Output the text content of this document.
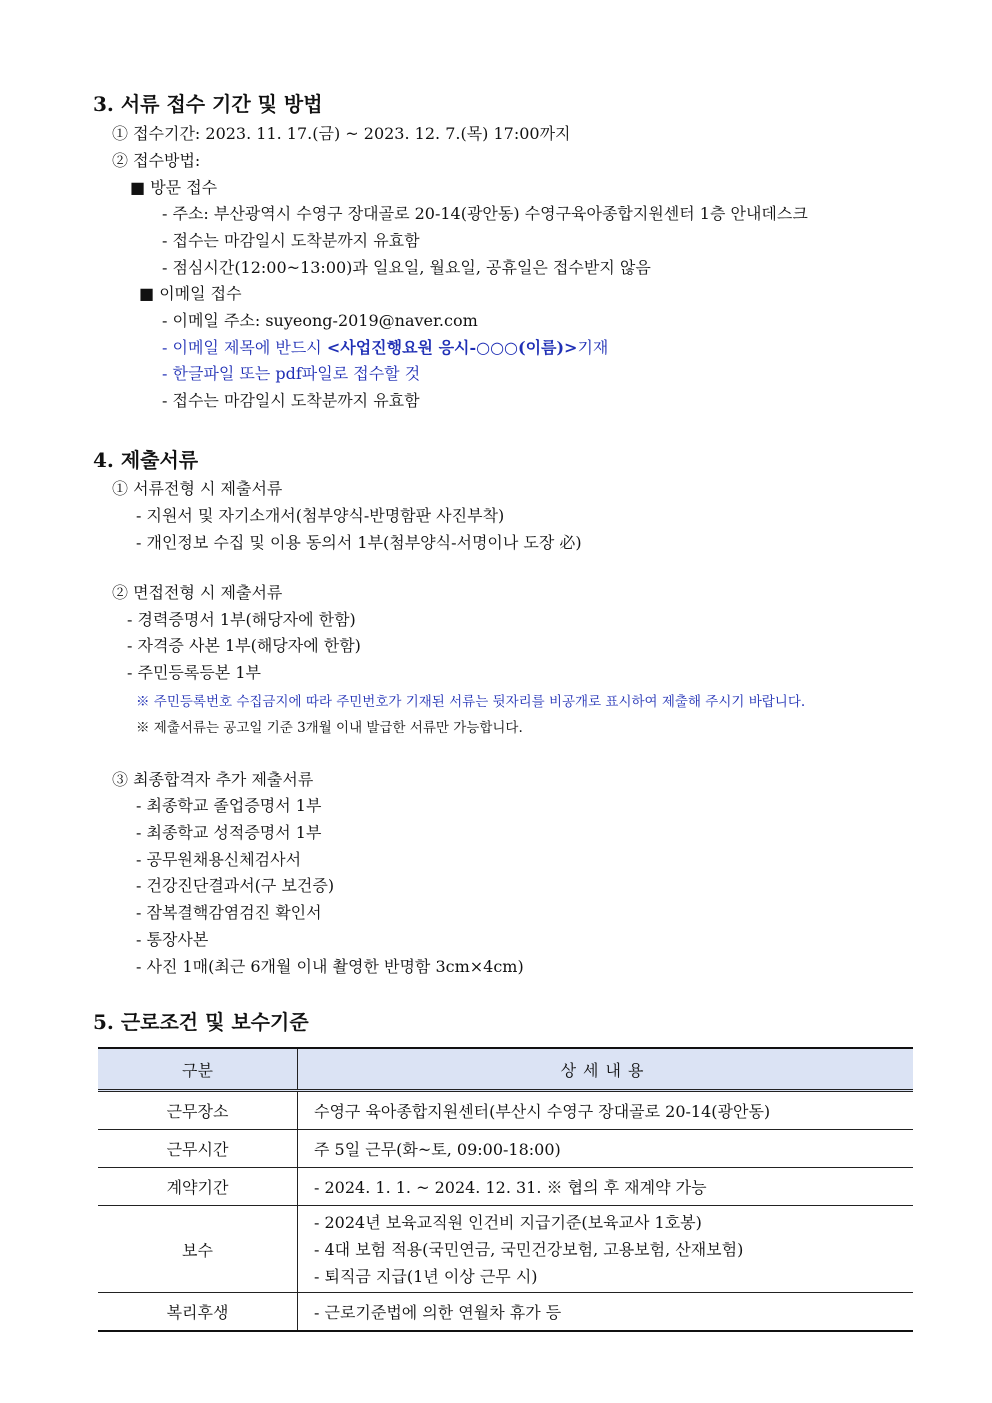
3. 서류 접수 기간 및 방법
① 접수기간: 2023. 11. 17.(금) ~ 2023. 12. 7.(목) 17:00까지
② 접수방법:
■ 방문 접수
- 주소: 부산광역시 수영구 장대골로 20-14(광안동) 수영구육아종합지원센터 1층 안내데스크
- 접수는 마감일시 도착분까지 유효함
- 점심시간(12:00~13:00)과 일요일, 월요일, 공휴일은 접수받지 않음
■ 이메일 접수
- 이메일 주소: suyeong-2019@naver.com
- 이메일 제목에 반드시 <사업진행요원 응시-○○○(이름)>기재
- 한글파일 또는 pdf파일로 접수할 것
- 접수는 마감일시 도착분까지 유효함
4. 제출서류
① 서류전형 시 제출서류
- 지원서 및 자기소개서(첨부양식-반명함판 사진부착)
- 개인정보 수집 및 이용 동의서 1부(첨부양식-서명이나 도장 必)
② 면접전형 시 제출서류
- 경력증명서 1부(해당자에 한함)
- 자격증 사본 1부(해당자에 한함)
- 주민등록등본 1부
※ 주민등록번호 수집금지에 따라 주민번호가 기재된 서류는 뒷자리를 비공개로 표시하여 제출해 주시기 바랍니다.
※ 제출서류는 공고일 기준 3개월 이내 발급한 서류만 가능합니다.
③ 최종합격자 추가 제출서류
- 최종학교 졸업증명서 1부
- 최종학교 성적증명서 1부
- 공무원채용신체검사서
- 건강진단결과서(구 보건증)
- 잠복결핵감염검진 확인서
- 통장사본
- 사진 1매(최근 6개월 이내 촬영한 반명함 3cm×4cm)
5. 근로조건 및 보수기준
구분	상세내용
근무장소	수영구 육아종합지원센터(부산시 수영구 장대골로 20-14(광안동)
근무시간	주 5일 근무(화~토, 09:00-18:00)
계약기간	- 2024. 1. 1. ~ 2024. 12. 31. ※ 협의 후 재계약 가능
보수	- 2024년 보육교직원 인건비 지급기준(보육교사 1호봉)
- 4대 보험 적용(국민연금, 국민건강보험, 고용보험, 산재보험)
- 퇴직금 지급(1년 이상 근무 시)

복리후생	- 근로기준법에 의한 연월차 휴가 등
